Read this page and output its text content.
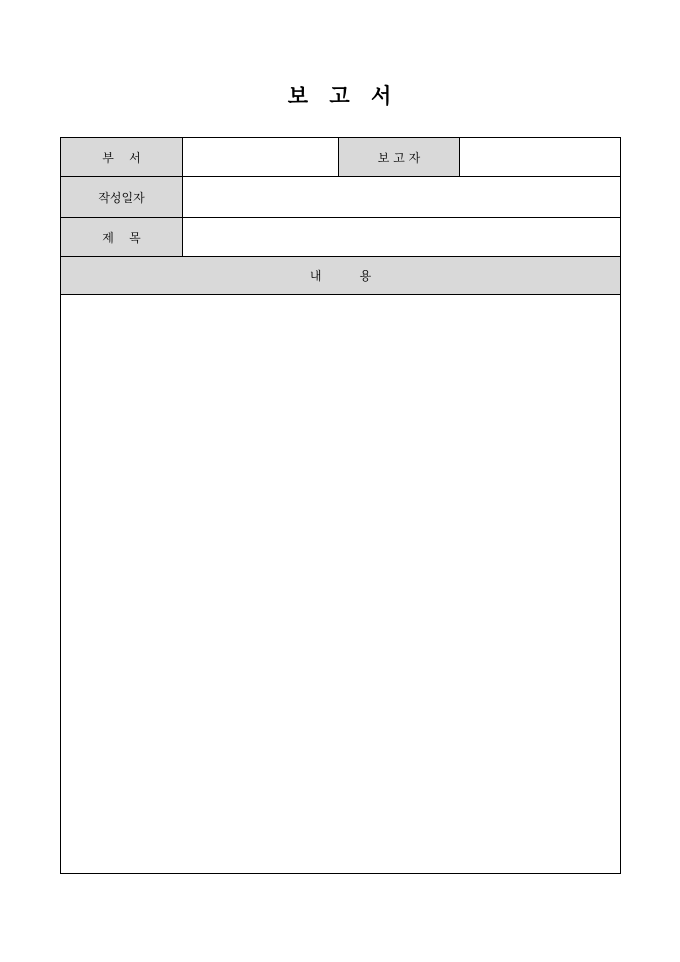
보 고 서
부    서	보 고 자
작성일자
제    목
내          용
